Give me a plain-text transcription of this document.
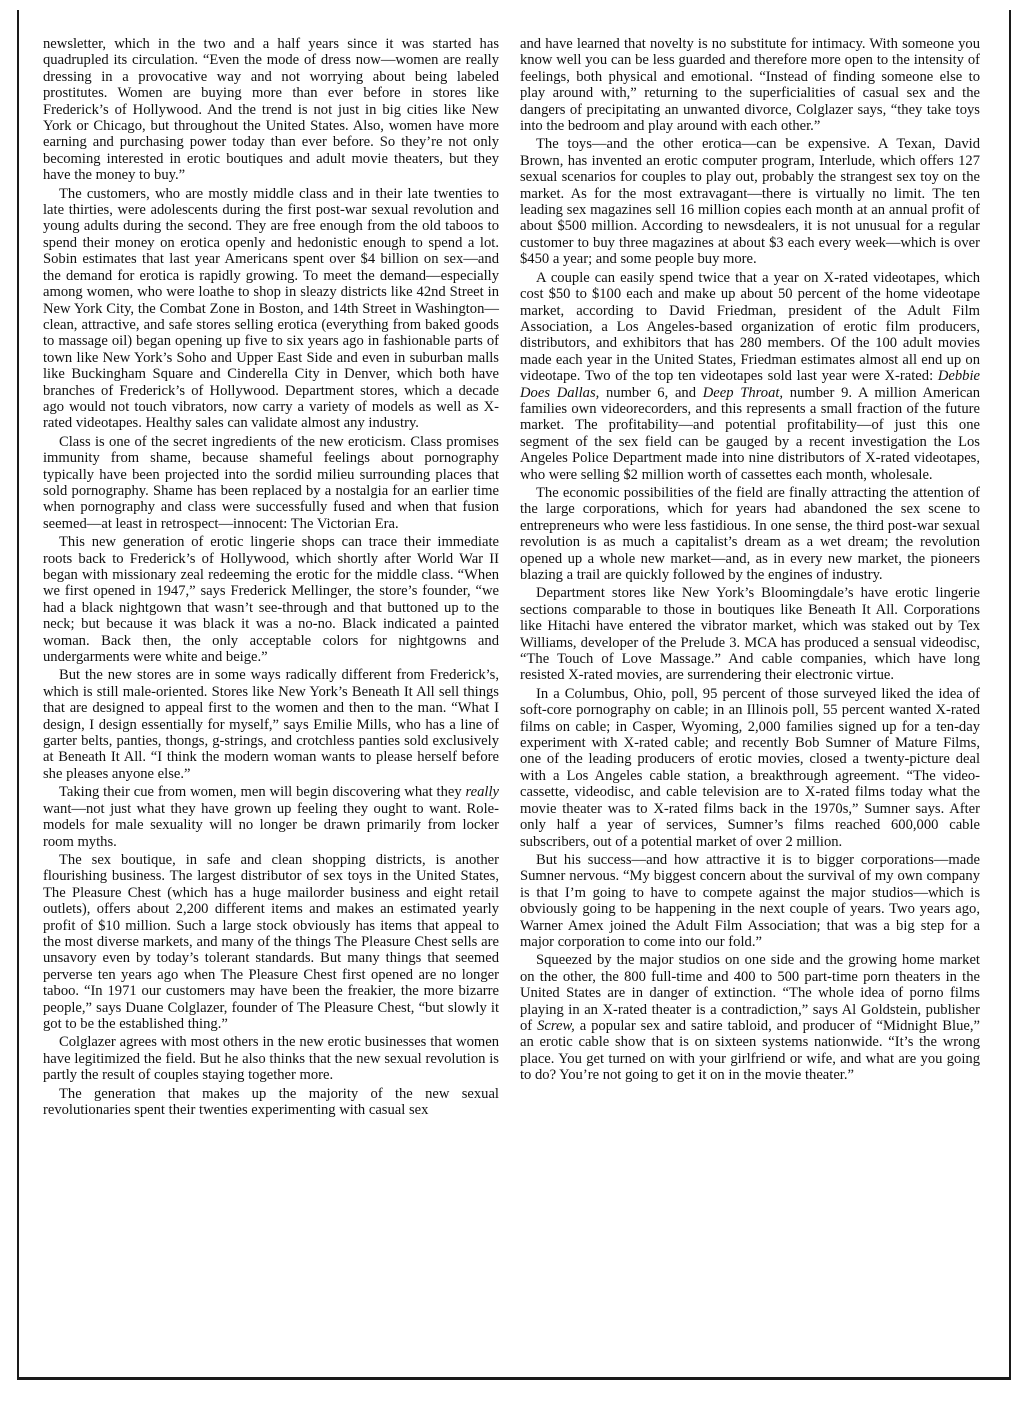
newsletter, which in the two and a half years since it was started has quadrupled its circulation. “Even the mode of dress now—women are really dressing in a provocative way and not worrying about being labeled prostitutes. Women are buying more than ever before in stores like Frederick’s of Hollywood. And the trend is not just in big cities like New York or Chicago, but throughout the United States. Also, women have more earning and purchasing power today than ever before. So they’re not only becoming interested in erotic boutiques and adult movie theaters, but they have the money to buy.”

The customers, who are mostly middle class and in their late twenties to late thirties, were adolescents during the first post-war sexual revolution and young adults during the second. They are free enough from the old taboos to spend their money on erotica openly and hedonistic enough to spend a lot. Sobin estimates that last year Americans spent over $4 billion on sex—and the demand for erotica is rapidly growing. To meet the demand—especially among women, who were loathe to shop in sleazy districts like 42nd Street in New York City, the Combat Zone in Boston, and 14th Street in Washington—clean, attractive, and safe stores selling erotica (everything from baked goods to massage oil) began opening up five to six years ago in fashionable parts of town like New York’s Soho and Upper East Side and even in suburban malls like Buckingham Square and Cinderella City in Denver, which both have branches of Frederick’s of Hollywood. Department stores, which a decade ago would not touch vibrators, now carry a variety of models as well as X-rated videotapes. Healthy sales can validate almost any industry.

Class is one of the secret ingredients of the new eroticism. Class promises immunity from shame, because shameful feelings about pornography typically have been projected into the sordid milieu surrounding places that sold pornography. Shame has been replaced by a nostalgia for an earlier time when pornography and class were successfully fused and when that fusion seemed—at least in retrospect—innocent: The Victorian Era.

This new generation of erotic lingerie shops can trace their immediate roots back to Frederick’s of Hollywood, which shortly after World War II began with missionary zeal redeeming the erotic for the middle class. “When we first opened in 1947,” says Frederick Mellinger, the store’s founder, “we had a black nightgown that wasn’t see-through and that buttoned up to the neck; but because it was black it was a no-no. Black indicated a painted woman. Back then, the only acceptable colors for nightgowns and undergarments were white and beige.”

But the new stores are in some ways radically different from Frederick’s, which is still male-oriented. Stores like New York’s Beneath It All sell things that are designed to appeal first to the women and then to the man. “What I design, I design essentially for myself,” says Emilie Mills, who has a line of garter belts, panties, thongs, g-strings, and crotchless panties sold exclusively at Beneath It All. “I think the modern woman wants to please herself before she pleases anyone else.”

Taking their cue from women, men will begin discovering what they really want—not just what they have grown up feeling they ought to want. Role-models for male sexuality will no longer be drawn primarily from locker room myths.

The sex boutique, in safe and clean shopping districts, is another flourishing business. The largest distributor of sex toys in the United States, The Pleasure Chest (which has a huge mailorder business and eight retail outlets), offers about 2,200 different items and makes an estimated yearly profit of $10 million. Such a large stock obviously has items that appeal to the most diverse markets, and many of the things The Pleasure Chest sells are unsavory even by today’s tolerant standards. But many things that seemed perverse ten years ago when The Pleasure Chest first opened are no longer taboo. “In 1971 our customers may have been the freakier, the more bizarre people,” says Duane Colglazer, founder of The Pleasure Chest, “but slowly it got to be the established thing.”

Colglazer agrees with most others in the new erotic businesses that women have legitimized the field. But he also thinks that the new sexual revolution is partly the result of couples staying together more.

The generation that makes up the majority of the new sexual revolutionaries spent their twenties experimenting with casual sex

and have learned that novelty is no substitute for intimacy. With someone you know well you can be less guarded and therefore more open to the intensity of feelings, both physical and emotional. “Instead of finding someone else to play around with,” returning to the superficialities of casual sex and the dangers of precipitating an unwanted divorce, Colglazer says, “they take toys into the bedroom and play around with each other.”

The toys—and the other erotica—can be expensive. A Texan, David Brown, has invented an erotic computer program, Interlude, which offers 127 sexual scenarios for couples to play out, probably the strangest sex toy on the market. As for the most extravagant—there is virtually no limit. The ten leading sex magazines sell 16 million copies each month at an annual profit of about $500 million. According to newsdealers, it is not unusual for a regular customer to buy three magazines at about $3 each every week—which is over $450 a year; and some people buy more.

A couple can easily spend twice that a year on X-rated videotapes, which cost $50 to $100 each and make up about 50 percent of the home videotape market, according to David Friedman, president of the Adult Film Association, a Los Angeles-based organization of erotic film producers, distributors, and exhibitors that has 280 members. Of the 100 adult movies made each year in the United States, Friedman estimates almost all end up on videotape. Two of the top ten videotapes sold last year were X-rated: Debbie Does Dallas, number 6, and Deep Throat, number 9. A million American families own videorecorders, and this represents a small fraction of the future market. The profitability—and potential profitability—of just this one segment of the sex field can be gauged by a recent investigation the Los Angeles Police Department made into nine distributors of X-rated videotapes, who were selling $2 million worth of cassettes each month, wholesale.

The economic possibilities of the field are finally attracting the attention of the large corporations, which for years had abandoned the sex scene to entrepreneurs who were less fastidious. In one sense, the third post-war sexual revolution is as much a capitalist’s dream as a wet dream; the revolution opened up a whole new market—and, as in every new market, the pioneers blazing a trail are quickly followed by the engines of industry.

Department stores like New York’s Bloomingdale’s have erotic lingerie sections comparable to those in boutiques like Beneath It All. Corporations like Hitachi have entered the vibrator market, which was staked out by Tex Williams, developer of the Prelude 3. MCA has produced a sensual videodisc, “The Touch of Love Massage.” And cable companies, which have long resisted X-rated movies, are surrendering their electronic virtue.

In a Columbus, Ohio, poll, 95 percent of those surveyed liked the idea of soft-core pornography on cable; in an Illinois poll, 55 percent wanted X-rated films on cable; in Casper, Wyoming, 2,000 families signed up for a ten-day experiment with X-rated cable; and recently Bob Sumner of Mature Films, one of the leading producers of erotic movies, closed a twenty-picture deal with a Los Angeles cable station, a breakthrough agreement. “The video-cassette, videodisc, and cable television are to X-rated films today what the movie theater was to X-rated films back in the 1970s,” Sumner says. After only half a year of services, Sumner’s films reached 600,000 cable subscribers, out of a potential market of over 2 million.

But his success—and how attractive it is to bigger corporations—made Sumner nervous. “My biggest concern about the survival of my own company is that I’m going to have to compete against the major studios—which is obviously going to be happening in the next couple of years. Two years ago, Warner Amex joined the Adult Film Association; that was a big step for a major corporation to come into our fold.”

Squeezed by the major studios on one side and the growing home market on the other, the 800 full-time and 400 to 500 part-time porn theaters in the United States are in danger of extinction. “The whole idea of porno films playing in an X-rated theater is a contradiction,” says Al Goldstein, publisher of Screw, a popular sex and satire tabloid, and producer of “Midnight Blue,” an erotic cable show that is on sixteen systems nationwide. “It’s the wrong place. You get turned on with your girlfriend or wife, and what are you going to do? You’re not going to get it on in the movie theater.”
